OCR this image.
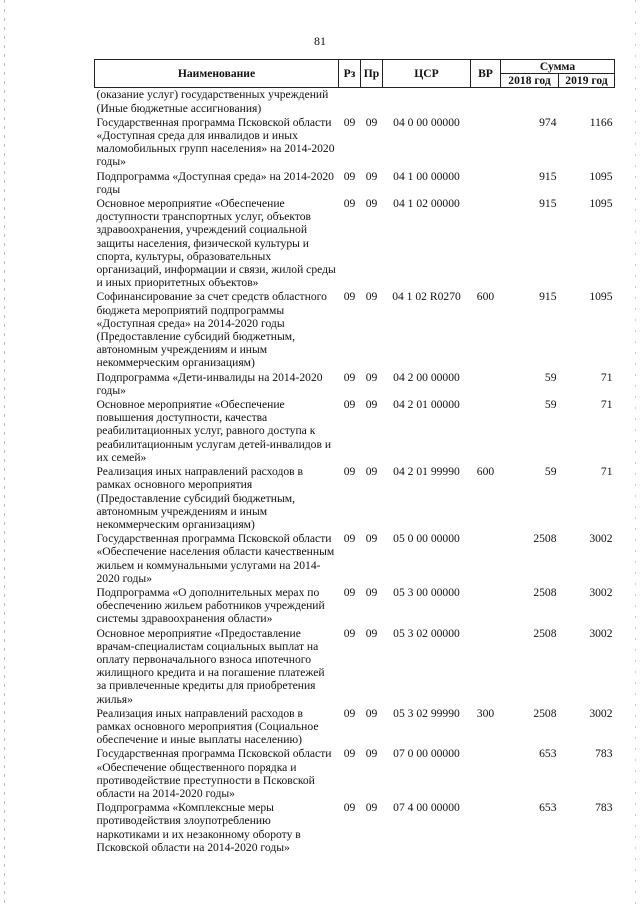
81
Наименование	Рз	Пр	ЦСР	ВР	Сумма	
					2018 год	2019 год
(оказание услуг) государственных учреждений (Иные бюджетные ассигнования)						
Государственная программа Псковской области «Доступная среда для инвалидов и иных маломобильных групп населения» на 2014-2020 годы»	09	09	04 0 00 00000		974	1166
Подпрограмма «Доступная среда» на 2014-2020 годы	09	09	04 1 00 00000		915	1095
Основное мероприятие «Обеспечение доступности транспортных услуг, объектов здравоохранения, учреждений социальной защиты населения, физической культуры и спорта, культуры, образовательных организаций, информации и связи, жилой среды и иных приоритетных объектов»	09	09	04 1 02 00000		915	1095
Софинансирование за счет средств областного бюджета мероприятий подпрограммы «Доступная среда» на 2014-2020 годы (Предоставление субсидий бюджетным, автономным учреждениям и иным некоммерческим организациям)	09	09	04 1 02 R0270	600	915	1095
Подпрограмма «Дети-инвалиды на 2014-2020 годы»	09	09	04 2 00 00000		59	71
Основное мероприятие «Обеспечение повышения доступности, качества реабилитационных услуг, равного доступа к реабилитационным услугам детей-инвалидов и их семей»	09	09	04 2 01 00000		59	71
Реализация иных направлений расходов в рамках основного мероприятия (Предоставление субсидий бюджетным, автономным учреждениям и иным некоммерческим организациям)	09	09	04 2 01 99990	600	59	71
Государственная программа Псковской области «Обеспечение населения области качественным жильем и коммунальными услугами на 2014-2020 годы»	09	09	05 0 00 00000		2508	3002
Подпрограмма «О дополнительных мерах по обеспечению жильем работников учреждений системы здравоохранения области»	09	09	05 3 00 00000		2508	3002
Основное мероприятие «Предоставление врачам-специалистам социальных выплат на оплату первоначального взноса ипотечного жилищного кредита и на погашение платежей за привлеченные кредиты для приобретения жилья»	09	09	05 3 02 00000		2508	3002
Реализация иных направлений расходов в рамках основного мероприятия (Социальное обеспечение и иные выплаты населению)	09	09	05 3 02 99990	300	2508	3002
Государственная программа Псковской области «Обеспечение общественного порядка и противодействие преступности в Псковской области на 2014-2020 годы»	09	09	07 0 00 00000		653	783
Подпрограмма «Комплексные меры противодействия злоупотреблению наркотиками и их незаконному обороту в Псковской области на 2014-2020 годы»	09	09	07 4 00 00000		653	783
